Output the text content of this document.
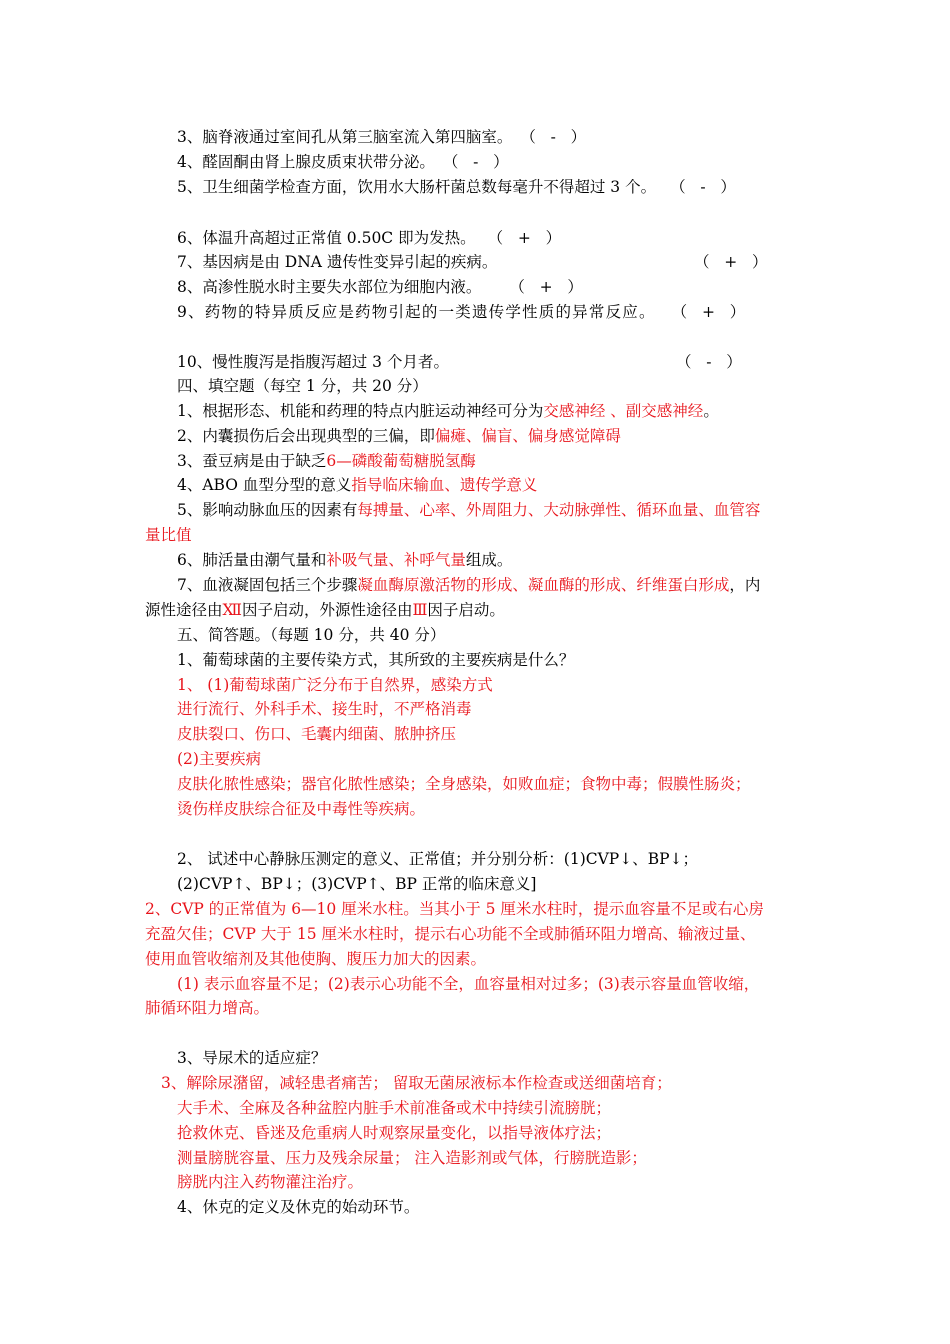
3、脑脊液通过室间孔从第三脑室流入第四脑室。 （   -   ）
4、醛固酮由肾上腺皮质束状带分泌。 （   -   ）
5、卫生细菌学检查方面，饮用水大肠杆菌总数每毫升不得超过 3 个。 （   -   ）
6、体温升高超过正常值 0.50C 即为发热。 （   +   ）
7、基因病是由 DNA 遗传性变异引起的疾病。	（   +   ）
8、高渗性脱水时主要失水部位为细胞内液。 （   +   ）
9、药物的特异质反应是药物引起的一类遗传学性质的异常反应。 （   +   ）
10、慢性腹泻是指腹泻超过 3 个月者。	（   -   ）
四、填空题（每空 1 分，共 20 分）
1、根据形态、机能和药理的特点内脏运动神经可分为交感神经 、副交感神经。
2、内囊损伤后会出现典型的三偏，即偏瘫、偏盲、偏身感觉障碍
3、蚕豆病是由于缺乏6—磷酸葡萄糖脱氢酶
4、ABO 血型分型的意义指导临床输血、遗传学意义
5、影响动脉血压的因素有每搏量、心率、外周阻力、大动脉弹性、循环血量、血管容
量比值
6、肺活量由潮气量和补吸气量、补呼气量组成。
7、血液凝固包括三个步骤凝血酶原激活物的形成、凝血酶的形成、纤维蛋白形成，内
源性途径由Ⅻ因子启动，外源性途径由Ⅲ因子启动。
五、简答题。（每题 10 分，共 40 分）
1、葡萄球菌的主要传染方式，其所致的主要疾病是什么？
1、 (1)葡萄球菌广泛分布于自然界，感染方式
进行流行、外科手术、接生时，不严格消毒
皮肤裂口、伤口、毛囊内细菌、脓肿挤压
(2)主要疾病
皮肤化脓性感染；器官化脓性感染；全身感染，如败血症；食物中毒；假膜性肠炎；
烫伤样皮肤综合征及中毒性等疾病。
2、 试述中心静脉压测定的意义、正常值；并分别分析：(1)CVP↓、BP↓；
(2)CVP↑、BP↓；(3)CVP↑、BP 正常的临床意义]
2、CVP 的正常值为 6—10 厘米水柱。当其小于 5 厘米水柱时，提示血容量不足或右心房
充盈欠佳；CVP 大于 15 厘米水柱时，提示右心功能不全或肺循环阻力增高、输液过量、
使用血管收缩剂及其他使胸、腹压力加大的因素。
(1) 表示血容量不足；(2)表示心功能不全，血容量相对过多；(3)表示容量血管收缩，
肺循环阻力增高。
3、导尿术的适应症？
3、解除尿潴留，减轻患者痛苦； 留取无菌尿液标本作检查或送细菌培育；
大手术、全麻及各种盆腔内脏手术前准备或术中持续引流膀胱；
抢救休克、昏迷及危重病人时观察尿量变化，以指导液体疗法；
测量膀胱容量、压力及残余尿量； 注入造影剂或气体，行膀胱造影；
膀胱内注入药物灌注治疗。
4、休克的定义及休克的始动环节。
